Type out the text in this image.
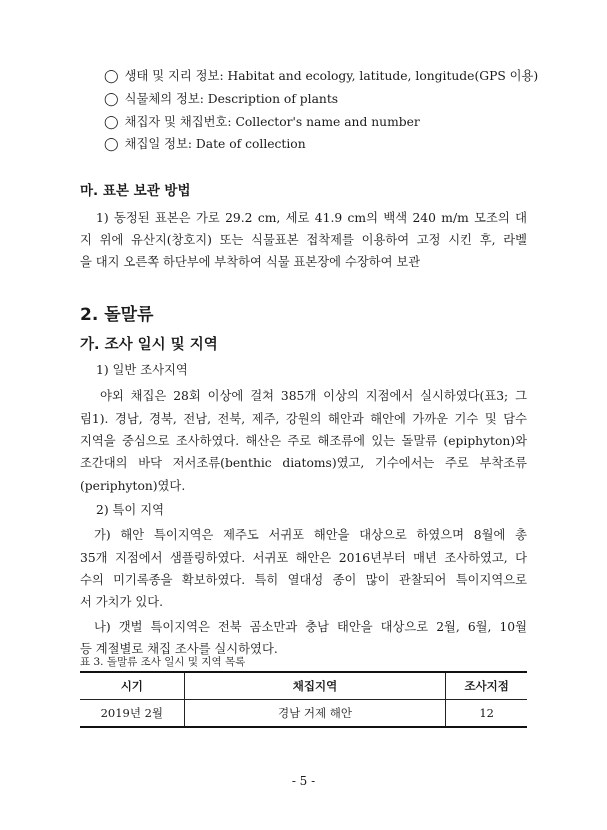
◯ 생태 및 지리 정보: Habitat and ecology, latitude, longitude(GPS 이용)
◯ 식물체의 정보: Description of plants
◯ 채집자 및 채집번호: Collector's name and number
◯ 채집일 정보: Date of collection
마. 표본 보관 방법
1) 동정된 표본은 가로 29.2 cm, 세로 41.9 cm의 백색 240 m/m 모조의 대
지 위에 유산지(창호지) 또는 식물표본 접착제를 이용하여 고정 시킨 후, 라벨
을 대지 오른쪽 하단부에 부착하여 식물 표본장에 수장하여 보관
2. 돌말류
가. 조사 일시 및 지역
1) 일반 조사지역
야외 채집은 28회 이상에 걸쳐 385개 이상의 지점에서 실시하였다(표3; 그
림1). 경남, 경북, 전남, 전북, 제주, 강원의 해안과 해안에 가까운 기수 및 담수
지역을 중심으로 조사하였다. 해산은 주로 해조류에 있는 돌말류 (epiphyton)와
조간대의 바닥 저서조류(benthic diatoms)였고, 기수에서는 주로 부착조류
(periphyton)였다.
2) 특이 지역
가) 해안 특이지역은 제주도 서귀포 해안을 대상으로 하였으며 8월에 총
35개 지점에서 샘플링하였다. 서귀포 해안은 2016년부터 매년 조사하였고, 다
수의 미기록종을 확보하였다. 특히 열대성 종이 많이 관찰되어 특이지역으로
서 가치가 있다.
나) 갯벌 특이지역은 전북 곰소만과 충남 태안을 대상으로 2월, 6월, 10월
등 계절별로 채집 조사를 실시하였다.
표 3. 돌말류 조사 일시 및 지역 목록
시기	채집지역	조사지점
2019년 2월	경남 거제 해안	12
- 5 -
